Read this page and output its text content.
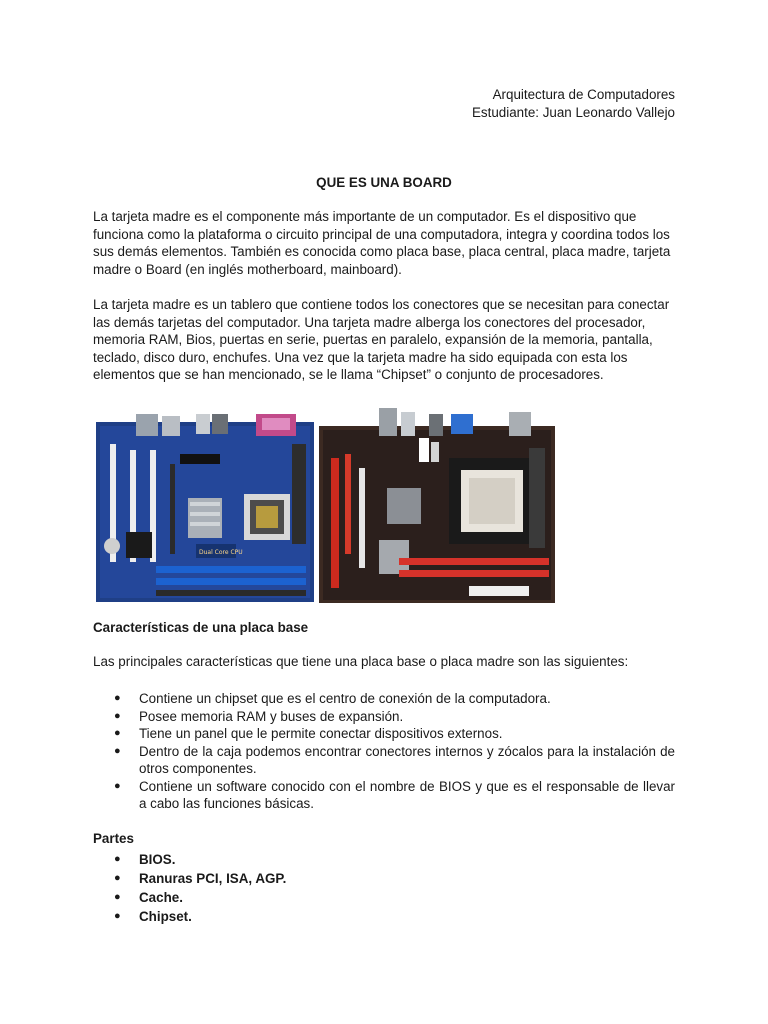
Arquitectura de Computadores
Estudiante: Juan Leonardo Vallejo
QUE ES UNA BOARD

La tarjeta madre es el componente más importante de un computador. Es el dispositivo que funciona como la plataforma o circuito principal de una computadora, integra y coordina todos los sus demás elementos. También es conocida como placa base, placa central, placa madre, tarjeta madre o Board (en inglés motherboard, mainboard).

La tarjeta madre es un tablero que contiene todos los conectores que se necesitan para conectar las demás tarjetas del computador. Una tarjeta madre alberga los conectores del procesador, memoria RAM, Bios, puertas en serie, puertas en paralelo, expansión de la memoria, pantalla, teclado, disco duro, enchufes. Una vez que la tarjeta madre ha sido equipada con esta los elementos que se han mencionado, se le llama “Chipset” o conjunto de procesadores.

Dual Core CPU
Características de una placa base
Las principales características que tiene una placa base o placa madre son las siguientes:
● Contiene un chipset que es el centro de conexión de la computadora.
● Posee memoria RAM y buses de expansión.
● Tiene un panel que le permite conectar dispositivos externos.
● Dentro de la caja podemos encontrar conectores internos y zócalos para la instalación de otros componentes.
● Contiene un software conocido con el nombre de BIOS y que es el responsable de llevar a cabo las funciones básicas.
Partes
● BIOS.
● Ranuras PCI, ISA, AGP.
● Cache.
● Chipset.
